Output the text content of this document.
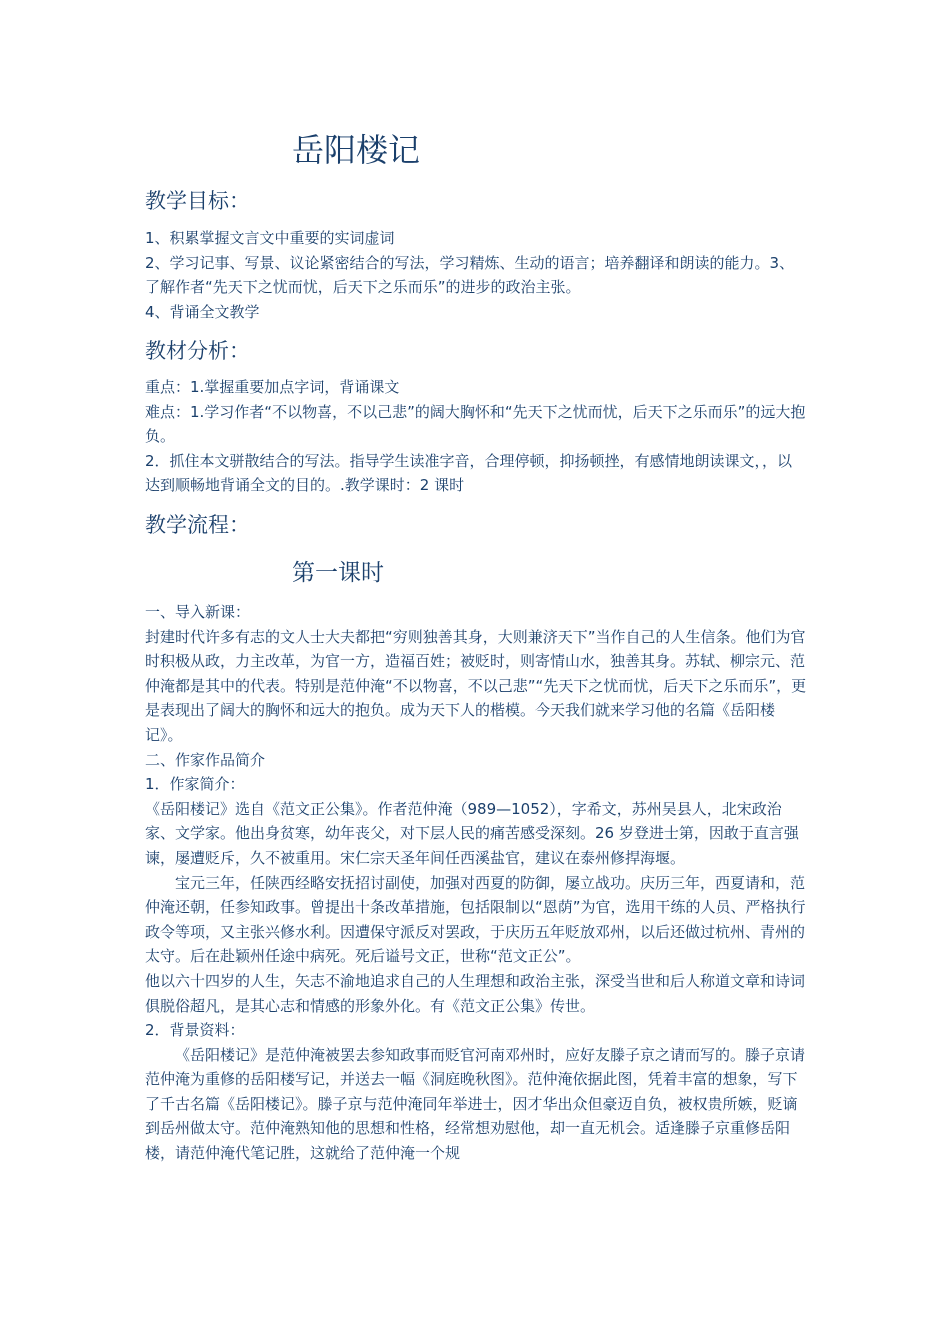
岳阳楼记
教学目标：

1、积累掌握文言文中重要的实词虚词

2、学习记事、写景、议论紧密结合的写法，学习精炼、生动的语言；培养翻译和朗读的能力。3、了解作者“先天下之忧而忧，后天下之乐而乐”的进步的政治主张。

4、背诵全文教学

教材分析：

重点：1.掌握重要加点字词，背诵课文

难点：1.学习作者“不以物喜，不以己悲”的阔大胸怀和“先天下之忧而忧，后天下之乐而乐”的远大抱负。

2．抓住本文骈散结合的写法。指导学生读准字音，合理停顿，抑扬顿挫，有感情地朗读课文，，以达到顺畅地背诵全文的目的。.教学课时：2 课时

教学流程：
第一课时

一、导入新课：

封建时代许多有志的文人士大夫都把“穷则独善其身，大则兼济天下”当作自己的人生信条。他们为官时积极从政，力主改革，为官一方，造福百姓；被贬时，则寄情山水，独善其身。苏轼、柳宗元、范仲淹都是其中的代表。特别是范仲淹“不以物喜，不以己悲”“先天下之忧而忧，后天下之乐而乐”，更是表现出了阔大的胸怀和远大的抱负。成为天下人的楷模。今天我们就来学习他的名篇《岳阳楼记》。

二、作家作品简介

1．作家简介：

《岳阳楼记》选自《范文正公集》。作者范仲淹（989—1052），字希文，苏州吴县人，北宋政治家、文学家。他出身贫寒，幼年丧父，对下层人民的痛苦感受深刻。26 岁登进士第，因敢于直言强谏，屡遭贬斥，久不被重用。宋仁宗天圣年间任西溪盐官，建议在泰州修捍海堰。

宝元三年，任陕西经略安抚招讨副使，加强对西夏的防御，屡立战功。庆历三年，西夏请和，范仲淹还朝，任参知政事。曾提出十条改革措施，包括限制以“恩荫”为官，选用干练的人员、严格执行政令等项，又主张兴修水利。因遭保守派反对罢政，于庆历五年贬放邓州，以后还做过杭州、青州的太守。后在赴颖州任途中病死。死后谥号文正，世称“范文正公”。

他以六十四岁的人生，矢志不渝地追求自己的人生理想和政治主张，深受当世和后人称道文章和诗词俱脱俗超凡，是其心志和情感的形象外化。有《范文正公集》传世。

2．背景资料：

《岳阳楼记》是范仲淹被罢去参知政事而贬官河南邓州时，应好友滕子京之请而写的。滕子京请范仲淹为重修的岳阳楼写记，并送去一幅《洞庭晚秋图》。范仲淹依据此图，凭着丰富的想象，写下了千古名篇《岳阳楼记》。滕子京与范仲淹同年举进士，因才华出众但豪迈自负，被权贵所嫉，贬谪到岳州做太守。范仲淹熟知他的思想和性格，经常想劝慰他，却一直无机会。适逢滕子京重修岳阳楼，请范仲淹代笔记胜，这就给了范仲淹一个规
